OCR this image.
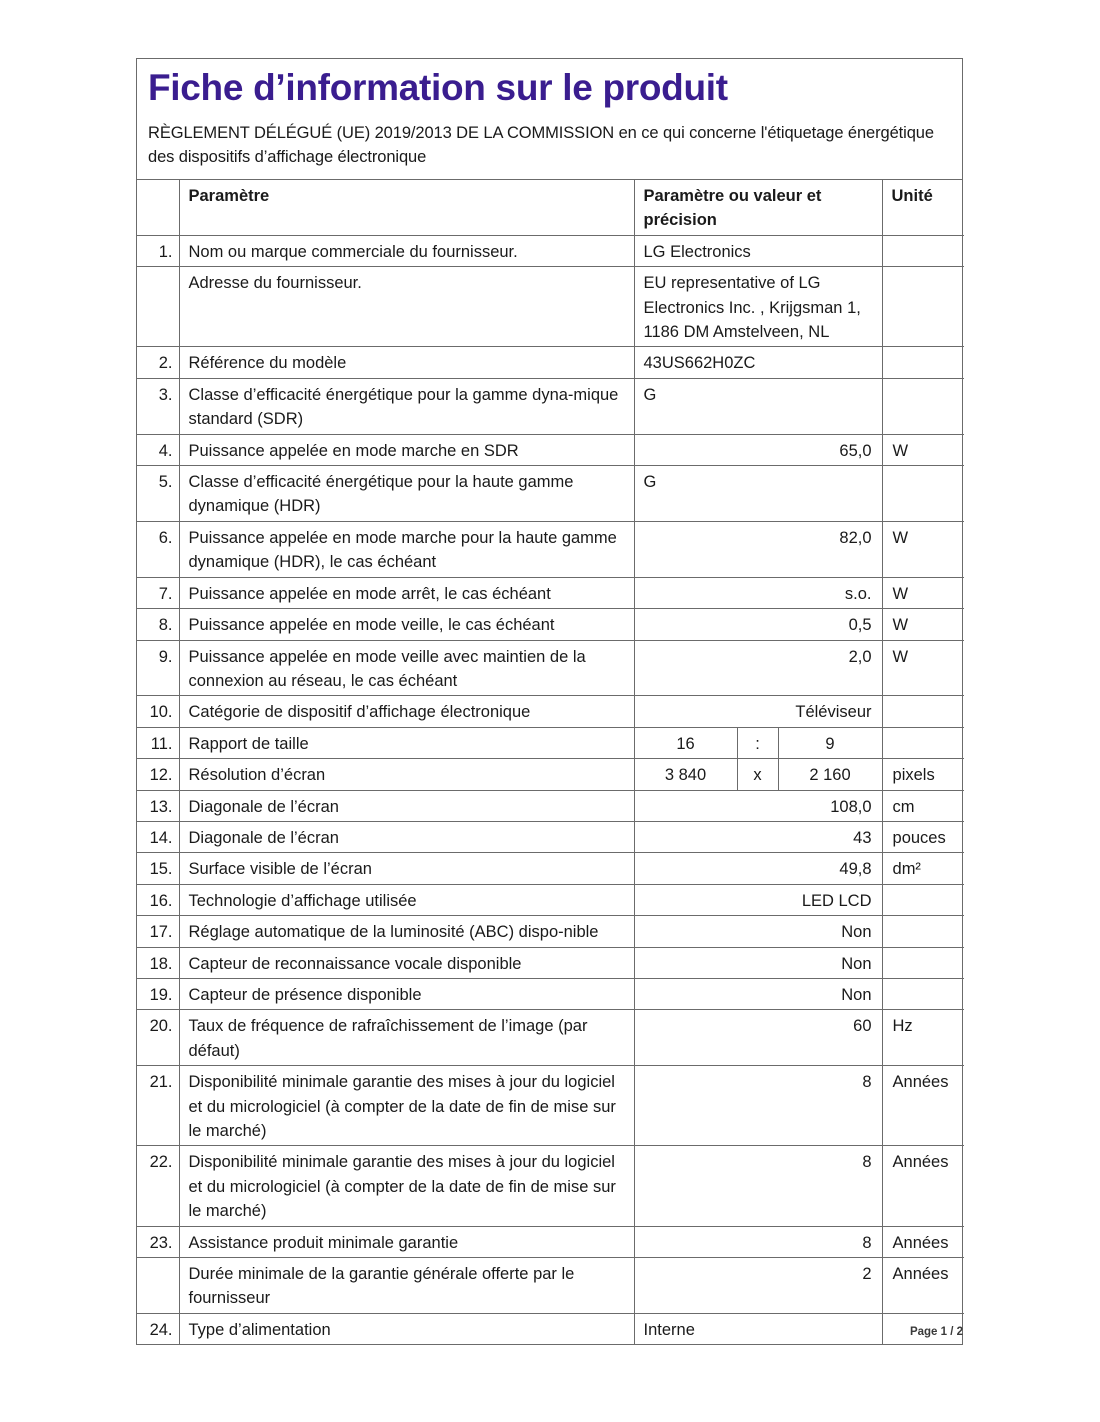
Fiche d’information sur le produit
RÈGLEMENT DÉLÉGUÉ (UE) 2019/2013 DE LA COMMISSION en ce qui concerne l'étiquetage énergétique des dispositifs d’affichage électronique
	Paramètre	Paramètre ou valeur et précision			Unité
1.	Nom ou marque commerciale du fournisseur.	LG Electronics			
	Adresse du fournisseur.	EU representative of LG Electronics Inc. , Krijgsman 1, 1186 DM Amstelveen, NL			
2.	Référence du modèle	43US662H0ZC			
3.	Classe d’efficacité énergétique pour la gamme dyna-mique standard (SDR)	G			
4.	Puissance appelée en mode marche en SDR	65,0			W
5.	Classe d’efficacité énergétique pour la haute gamme dynamique (HDR)	G			
6.	Puissance appelée en mode marche pour la haute gamme dynamique (HDR), le cas échéant	82,0			W
7.	Puissance appelée en mode arrêt, le cas échéant	s.o.			W
8.	Puissance appelée en mode veille, le cas échéant	0,5			W
9.	Puissance appelée en mode veille avec maintien de la connexion au réseau, le cas échéant	2,0			W
10.	Catégorie de dispositif d’affichage électronique	Téléviseur			
11.	Rapport de taille	16	:	9	
12.	Résolution d’écran	3 840	x	2 160	pixels
13.	Diagonale de l’écran	108,0			cm
14.	Diagonale de l’écran	43			pouces
15.	Surface visible de l’écran	49,8			dm²
16.	Technologie d’affichage utilisée	LED LCD			
17.	Réglage automatique de la luminosité (ABC) dispo-nible	Non			
18.	Capteur de reconnaissance vocale disponible	Non			
19.	Capteur de présence disponible	Non			
20.	Taux de fréquence de rafraîchissement de l’image (par défaut)	60			Hz
21.	Disponibilité minimale garantie des mises à jour du logiciel et du micrologiciel (à compter de la date de fin de mise sur le marché)	8			Années
22.	Disponibilité minimale garantie des mises à jour du logiciel et du micrologiciel (à compter de la date de fin de mise sur le marché)	8			Années
23.	Assistance produit minimale garantie	8			Années
	Durée minimale de la garantie générale offerte par le fournisseur	2			Années
24.	Type d’alimentation	Interne				Page 1 / 2
